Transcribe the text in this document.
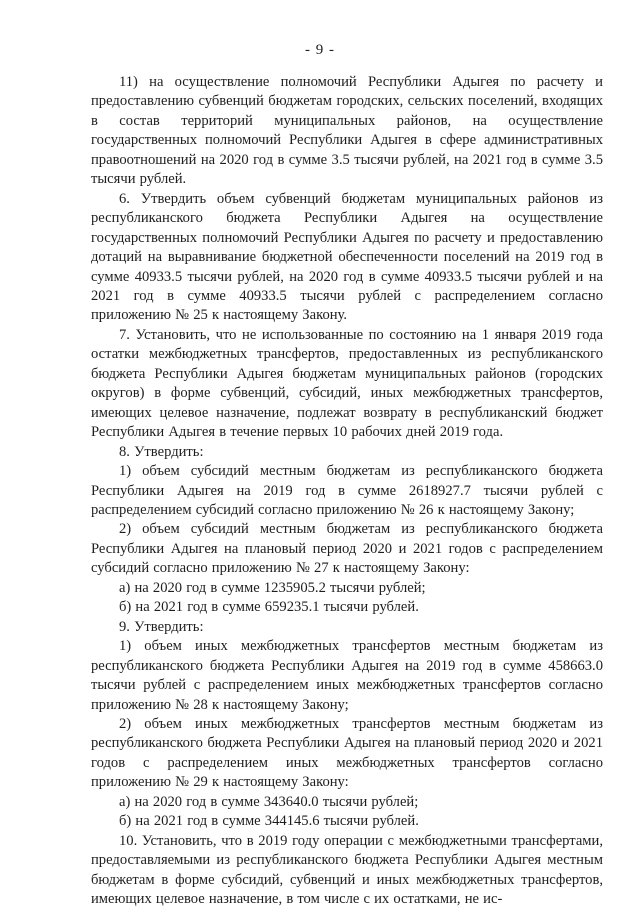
- 9 -

11) на осуществление полномочий Республики Адыгея по расчету и предоставлению субвенций бюджетам городских, сельских поселений, входящих в состав территорий муниципальных районов, на осуществление государственных полномочий Республики Адыгея в сфере административных правоотношений на 2020 год в сумме 3.5 тысячи рублей, на 2021 год в сумме 3.5 тысячи рублей.

6. Утвердить объем субвенций бюджетам муниципальных районов из республиканского бюджета Республики Адыгея на осуществление государственных полномочий Республики Адыгея по расчету и предоставлению дотаций на выравнивание бюджетной обеспеченности поселений на 2019 год в сумме 40933.5 тысячи рублей, на 2020 год в сумме 40933.5 тысячи рублей и на 2021 год в сумме 40933.5 тысячи рублей с распределением согласно приложению № 25 к настоящему Закону.

7. Установить, что не использованные по состоянию на 1 января 2019 года остатки межбюджетных трансфертов, предоставленных из республиканского бюджета Республики Адыгея бюджетам муниципальных районов (городских округов) в форме субвенций, субсидий, иных межбюджетных трансфертов, имеющих целевое назначение, подлежат возврату в республиканский бюджет Республики Адыгея в течение первых 10 рабочих дней 2019 года.

8. Утвердить:

1) объем субсидий местным бюджетам из республиканского бюджета Республики Адыгея на 2019 год в сумме 2618927.7 тысячи рублей с распределением субсидий согласно приложению № 26 к настоящему Закону;

2) объем субсидий местным бюджетам из республиканского бюджета Республики Адыгея на плановый период 2020 и 2021 годов с распределением субсидий согласно приложению № 27 к настоящему Закону:

а) на 2020 год в сумме 1235905.2 тысячи рублей;

б) на 2021 год в сумме 659235.1 тысячи рублей.

9. Утвердить:

1) объем иных межбюджетных трансфертов местным бюджетам из республиканского бюджета Республики Адыгея на 2019 год в сумме 458663.0 тысячи рублей с распределением иных межбюджетных трансфертов согласно приложению № 28 к настоящему Закону;

2) объем иных межбюджетных трансфертов местным бюджетам из республиканского бюджета Республики Адыгея на плановый период 2020 и 2021 годов с распределением иных межбюджетных трансфертов согласно приложению № 29 к настоящему Закону:

а) на 2020 год в сумме 343640.0 тысячи рублей;

б) на 2021 год в сумме 344145.6 тысячи рублей.

10. Установить, что в 2019 году операции с межбюджетными трансфертами, предоставляемыми из республиканского бюджета Республики Адыгея местным бюджетам в форме субсидий, субвенций и иных межбюджетных трансфертов, имеющих целевое назначение, в том числе с их остатками, не ис-
